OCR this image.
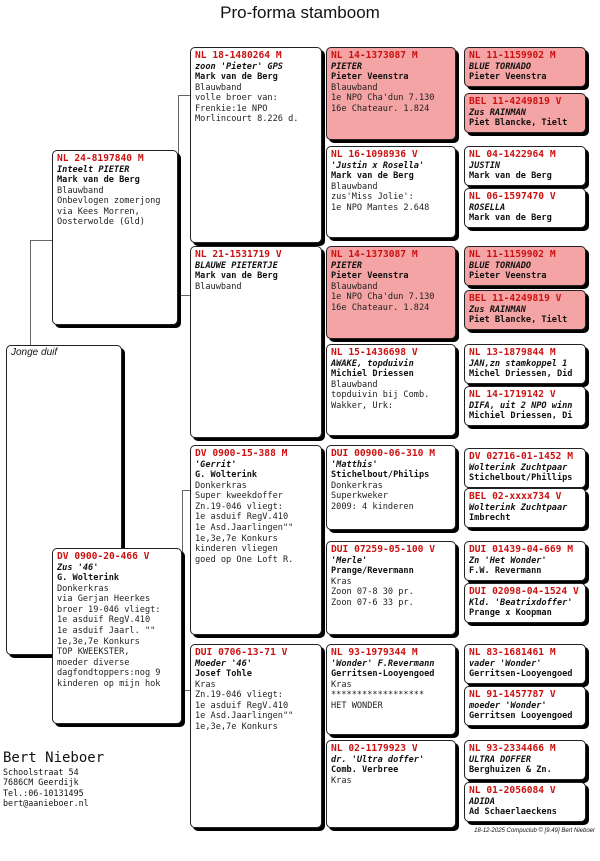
Pro-forma stamboom
Jonge duif
NL 24-8197840 M
Inteelt PIETER
Mark van de Berg
Blauwband
Onbevlogen zomerjong
via Kees Morren,
Oosterwolde (Gld)
DV 0900-20-466 V
Zus '46'
G. Wolterink
Donkerkras
via Gerjan Heerkes
broer 19-046 vliegt:
1e asduif RegV.410
1e asduif Jaarl. ""
1e,3e,7e Konkurs
TOP KWEEKSTER,
moeder diverse
dagfondtoppers:nog 9
kinderen op mijn hok
NL 18-1480264 M
zoon 'Pieter' GPS
Mark van de Berg
Blauwband
volle broer van:
Frenkie:1e NPO
Morlincourt 8.226 d.
NL 21-1531719 V
BLAUWE PIETERTJE
Mark van de Berg
Blauwband
DV 0900-15-388 M
'Gerrit'
G. Wolterink
Donkerkras
Super kweekdoffer
Zn.19-046 vliegt:
1e asduif RegV.410
1e Asd.Jaarlingen""
1e,3e,7e Konkurs
kinderen vliegen
goed op One Loft R.
DUI 0706-13-71 V
Moeder '46'
Josef Tohle
Kras
Zn.19-046 vliegt:
1e asduif RegV.410
1e Asd.Jaarlingen""
1e,3e,7e Konkurs
NL 14-1373087 M
PIETER
Pieter Veenstra
Blauwband
1e NPO Cha'dun 7.130
16e Chateaur. 1.824
NL 16-1098936 V
'Justin x Rosella'
Mark van de Berg
Blauwband
zus'Miss Jolie':
1e NPO Mantes 2.648
NL 14-1373087 M
PIETER
Pieter Veenstra
Blauwband
1e NPO Cha'dun 7.130
16e Chateaur. 1.824
NL 15-1436698 V
AWAKE, topduivin
Michiel Driessen
Blauwband
topduivin bij Comb.
Wakker, Urk:
DUI 00900-06-310 M
'Matthis'
Stichelbout/Philips
Donkerkras
Superkweker
2009: 4 kinderen
DUI 07259-05-100 V
'Merle'
Prange/Revermann
Kras
Zoon 07-8 30 pr.
Zoon 07-6 33 pr.
NL 93-1979344 M
'Wonder' F.Revermann
Gerritsen-Looyengoed
Kras
******************
HET WONDER
NL 02-1179923 V
dr. 'Ultra doffer'
Comb. Verbree
Kras
NL 11-1159902 M
BLUE TORNADO
Pieter Veenstra
BEL 11-4249819 V
Zus RAINMAN
Piet Blancke, Tielt
NL 04-1422964 M
JUSTIN
Mark van de Berg
NL 06-1597470 V
ROSELLA
Mark van de Berg
NL 11-1159902 M
BLUE TORNADO
Pieter Veenstra
BEL 11-4249819 V
Zus RAINMAN
Piet Blancke, Tielt
NL 13-1879844 M
JAN,zn stamkoppel 1
Michel Driessen, Did
NL 14-1719142 V
DIFA, uit 2 NPO winn
Michiel Driessen, Di
DV 02716-01-1452 M
Wolterink Zuchtpaar
Stichelbout/Phillips
BEL 02-xxxx734 V
Wolterink Zuchtpaar
Imbrecht
DUI 01439-04-669 M
Zn 'Het Wonder'
F.W. Revermann
DUI 02098-04-1524 V
Kld. 'Beatrixdoffer'
Prange x Koopman
NL 83-1681461 M
vader 'Wonder'
Gerritsen-Looyengoed
NL 91-1457787 V
moeder 'Wonder'
Gerritsen Looyengoed
NL 93-2334466 M
ULTRA DOFFER
Berghuizen & Zn.
NL 01-2056084 V
ADIDA
Ad Schaerlaeckens
Bert Nieboer
Schoolstraat 54
7686CM Geerdijk
Tel.:06-10131495
bert@aanieboer.nl
18-12-2025 Compuclub © [9.49] Bert Nieboer
